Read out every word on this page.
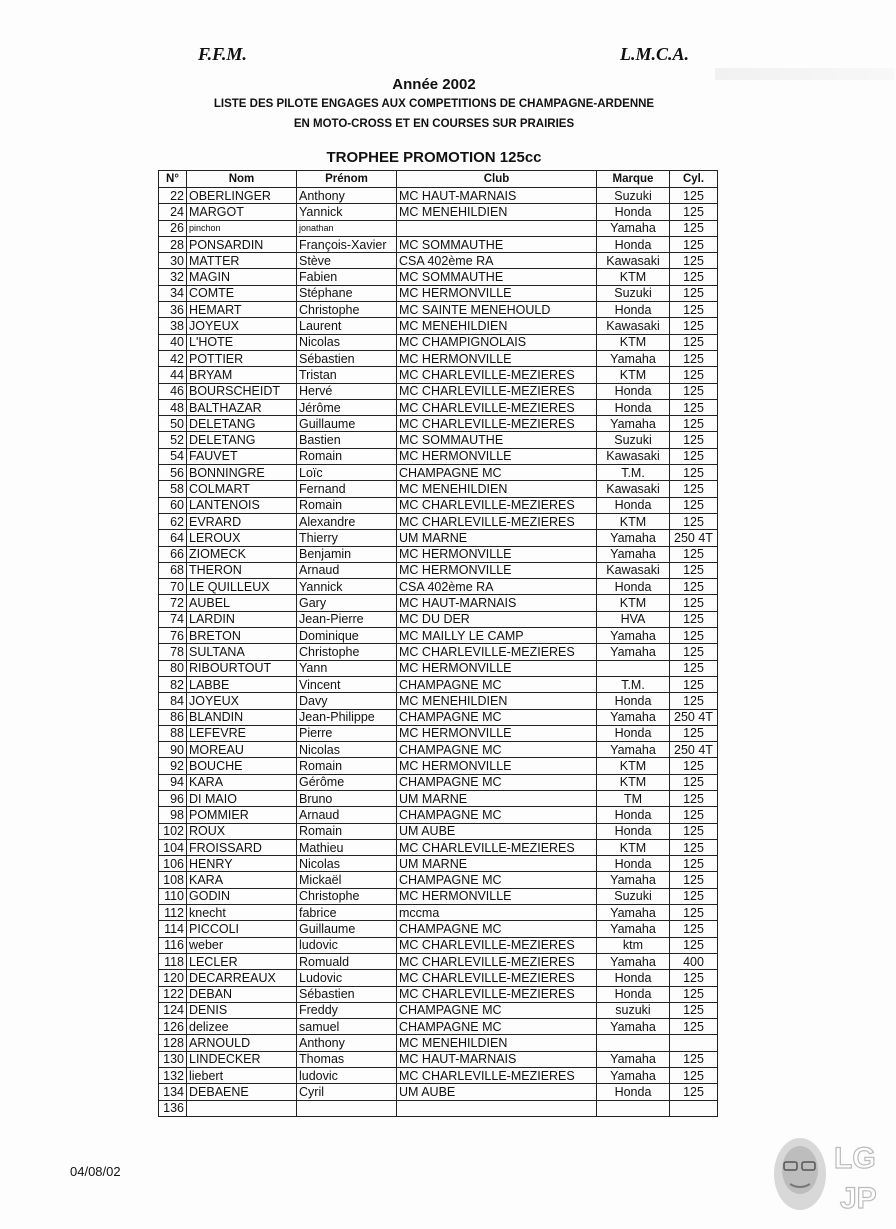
F.F.M.	L.M.C.A.
Année 2002
LISTE DES PILOTE ENGAGES AUX COMPETITIONS DE CHAMPAGNE-ARDENNE
EN MOTO-CROSS ET EN COURSES SUR PRAIRIES
TROPHEE PROMOTION 125cc
N°	Nom	Prénom	Club	Marque	Cyl.
22	OBERLINGER	Anthony	MC HAUT-MARNAIS	Suzuki	125
24	MARGOT	Yannick	MC MENEHILDIEN	Honda	125
26	pinchon	jonathan		Yamaha	125
28	PONSARDIN	François-Xavier	MC SOMMAUTHE	Honda	125
30	MATTER	Stève	CSA 402ème RA	Kawasaki	125
32	MAGIN	Fabien	MC SOMMAUTHE	KTM	125
34	COMTE	Stéphane	MC HERMONVILLE	Suzuki	125
36	HEMART	Christophe	MC SAINTE MENEHOULD	Honda	125
38	JOYEUX	Laurent	MC MENEHILDIEN	Kawasaki	125
40	L'HOTE	Nicolas	MC CHAMPIGNOLAIS	KTM	125
42	POTTIER	Sébastien	MC HERMONVILLE	Yamaha	125
44	BRYAM	Tristan	MC CHARLEVILLE-MEZIERES	KTM	125
46	BOURSCHEIDT	Hervé	MC CHARLEVILLE-MEZIERES	Honda	125
48	BALTHAZAR	Jérôme	MC CHARLEVILLE-MEZIERES	Honda	125
50	DELETANG	Guillaume	MC CHARLEVILLE-MEZIERES	Yamaha	125
52	DELETANG	Bastien	MC SOMMAUTHE	Suzuki	125
54	FAUVET	Romain	MC HERMONVILLE	Kawasaki	125
56	BONNINGRE	Loïc	CHAMPAGNE MC	T.M.	125
58	COLMART	Fernand	MC MENEHILDIEN	Kawasaki	125
60	LANTENOIS	Romain	MC CHARLEVILLE-MEZIERES	Honda	125
62	EVRARD	Alexandre	MC CHARLEVILLE-MEZIERES	KTM	125
64	LEROUX	Thierry	UM MARNE	Yamaha	250 4T
66	ZIOMECK	Benjamin	MC HERMONVILLE	Yamaha	125
68	THERON	Arnaud	MC HERMONVILLE	Kawasaki	125
70	LE QUILLEUX	Yannick	CSA 402ème RA	Honda	125
72	AUBEL	Gary	MC HAUT-MARNAIS	KTM	125
74	LARDIN	Jean-Pierre	MC DU DER	HVA	125
76	BRETON	Dominique	MC MAILLY LE CAMP	Yamaha	125
78	SULTANA	Christophe	MC CHARLEVILLE-MEZIERES	Yamaha	125
80	RIBOURTOUT	Yann	MC HERMONVILLE		125
82	LABBE	Vincent	CHAMPAGNE MC	T.M.	125
84	JOYEUX	Davy	MC MENEHILDIEN	Honda	125
86	BLANDIN	Jean-Philippe	CHAMPAGNE MC	Yamaha	250 4T
88	LEFEVRE	Pierre	MC HERMONVILLE	Honda	125
90	MOREAU	Nicolas	CHAMPAGNE MC	Yamaha	250 4T
92	BOUCHE	Romain	MC HERMONVILLE	KTM	125
94	KARA	Gérôme	CHAMPAGNE MC	KTM	125
96	DI MAIO	Bruno	UM MARNE	TM	125
98	POMMIER	Arnaud	CHAMPAGNE MC	Honda	125
102	ROUX	Romain	UM AUBE	Honda	125
104	FROISSARD	Mathieu	MC CHARLEVILLE-MEZIERES	KTM	125
106	HENRY	Nicolas	UM MARNE	Honda	125
108	KARA	Mickaël	CHAMPAGNE MC	Yamaha	125
110	GODIN	Christophe	MC HERMONVILLE	Suzuki	125
112	knecht	fabrice	mccma	Yamaha	125
114	PICCOLI	Guillaume	CHAMPAGNE MC	Yamaha	125
116	weber	ludovic	MC CHARLEVILLE-MEZIERES	ktm	125
118	LECLER	Romuald	MC CHARLEVILLE-MEZIERES	Yamaha	400
120	DECARREAUX	Ludovic	MC CHARLEVILLE-MEZIERES	Honda	125
122	DEBAN	Sébastien	MC CHARLEVILLE-MEZIERES	Honda	125
124	DENIS	Freddy	CHAMPAGNE MC	suzuki	125
126	delizee	samuel	CHAMPAGNE MC	Yamaha	125
128	ARNOULD	Anthony	MC MENEHILDIEN		
130	LINDECKER	Thomas	MC HAUT-MARNAIS	Yamaha	125
132	liebert	ludovic	MC CHARLEVILLE-MEZIERES	Yamaha	125
134	DEBAENE	Cyril	UM AUBE	Honda	125
136					
04/08/02	LG
JP
